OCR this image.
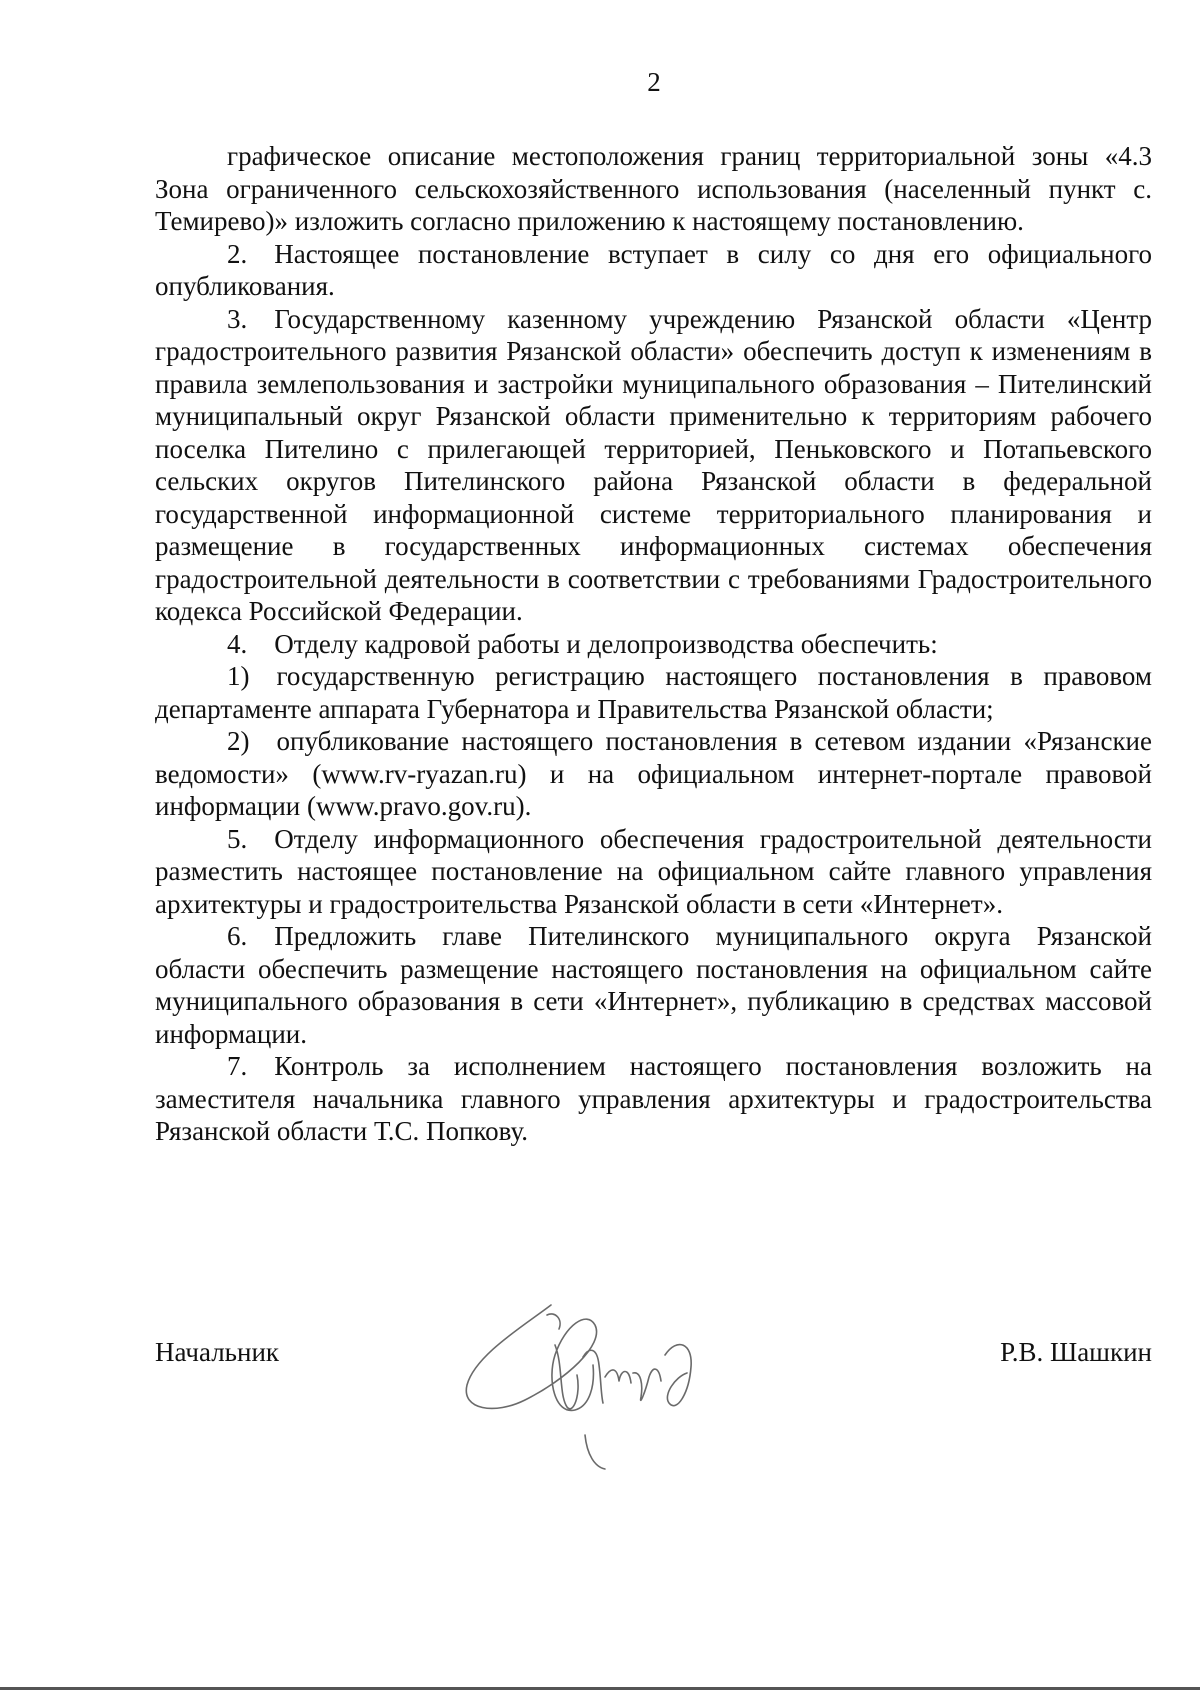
2

графическое описание местоположения границ территориальной зоны «4.3 Зона ограниченного сельскохозяйственного использования (населенный пункт с. Темирево)» изложить согласно приложению к настоящему постановлению.

2. Настоящее постановление вступает в силу со дня его официального опубликования.

3. Государственному казенному учреждению Рязанской области «Центр градостроительного развития Рязанской области» обеспечить доступ к изменениям в правила землепользования и застройки муниципального образования – Пителинский муниципальный округ Рязанской области применительно к территориям рабочего поселка Пителино с прилегающей территорией, Пеньковского и Потапьевского сельских округов Пителинского района Рязанской области в федеральной государственной информационной системе территориального планирования и размещение в государственных информационных системах обеспечения градостроительной деятельности в соответствии с требованиями Градостроительного кодекса Российской Федерации.

4. Отделу кадровой работы и делопроизводства обеспечить:

1) государственную регистрацию настоящего постановления в правовом департаменте аппарата Губернатора и Правительства Рязанской области;

2) опубликование настоящего постановления в сетевом издании «Рязанские ведомости» (www.rv-ryazan.ru) и на официальном интернет-портале правовой информации (www.pravo.gov.ru).

5. Отделу информационного обеспечения градостроительной деятельности разместить настоящее постановление на официальном сайте главного управления архитектуры и градостроительства Рязанской области в сети «Интернет».

6. Предложить главе Пителинского муниципального округа Рязанской области обеспечить размещение настоящего постановления на официальном сайте муниципального образования в сети «Интернет», публикацию в средствах массовой информации.

7. Контроль за исполнением настоящего постановления возложить на заместителя начальника главного управления архитектуры и градостроительства Рязанской области Т.С. Попкову.

Начальник	Р.В. Шашкин
